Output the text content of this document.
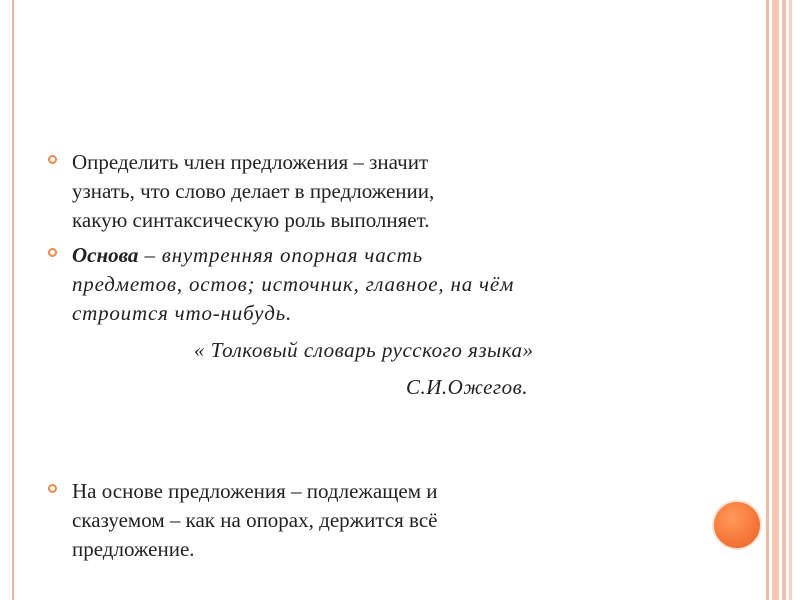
Определить член предложения – значит
узнать, что слово делает в предложении,
какую синтаксическую роль выполняет.
Основа – внутренняя опорная часть
предметов, остов; источник, главное, на чём
строится что-нибудь.
« Толковый словарь русского языка»
С.И.Ожегов.
На основе предложения – подлежащем и
сказуемом – как на опорах, держится всё
предложение.
